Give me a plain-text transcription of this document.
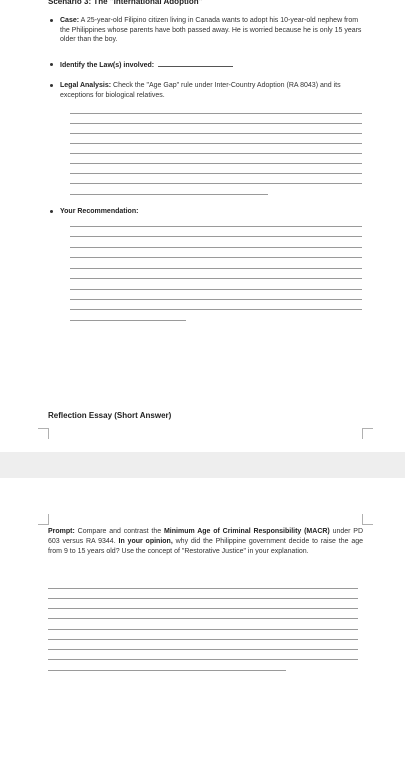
Scenario 3: The "International Adoption"
Case: A 25-year-old Filipino citizen living in Canada wants to adopt his 10-year-old nephew from the Philippines whose parents have both passed away. He is worried because he is only 15 years older than the boy.
Identify the Law(s) involved:
Legal Analysis: Check the "Age Gap" rule under Inter-Country Adoption (RA 8043) and its exceptions for biological relatives.
Your Recommendation:
Reflection Essay (Short Answer)
Prompt: Compare and contrast the Minimum Age of Criminal Responsibility (MACR) under PD 603 versus RA 9344. In your opinion, why did the Philippine government decide to raise the age from 9 to 15 years old? Use the concept of "Restorative Justice" in your explanation.
